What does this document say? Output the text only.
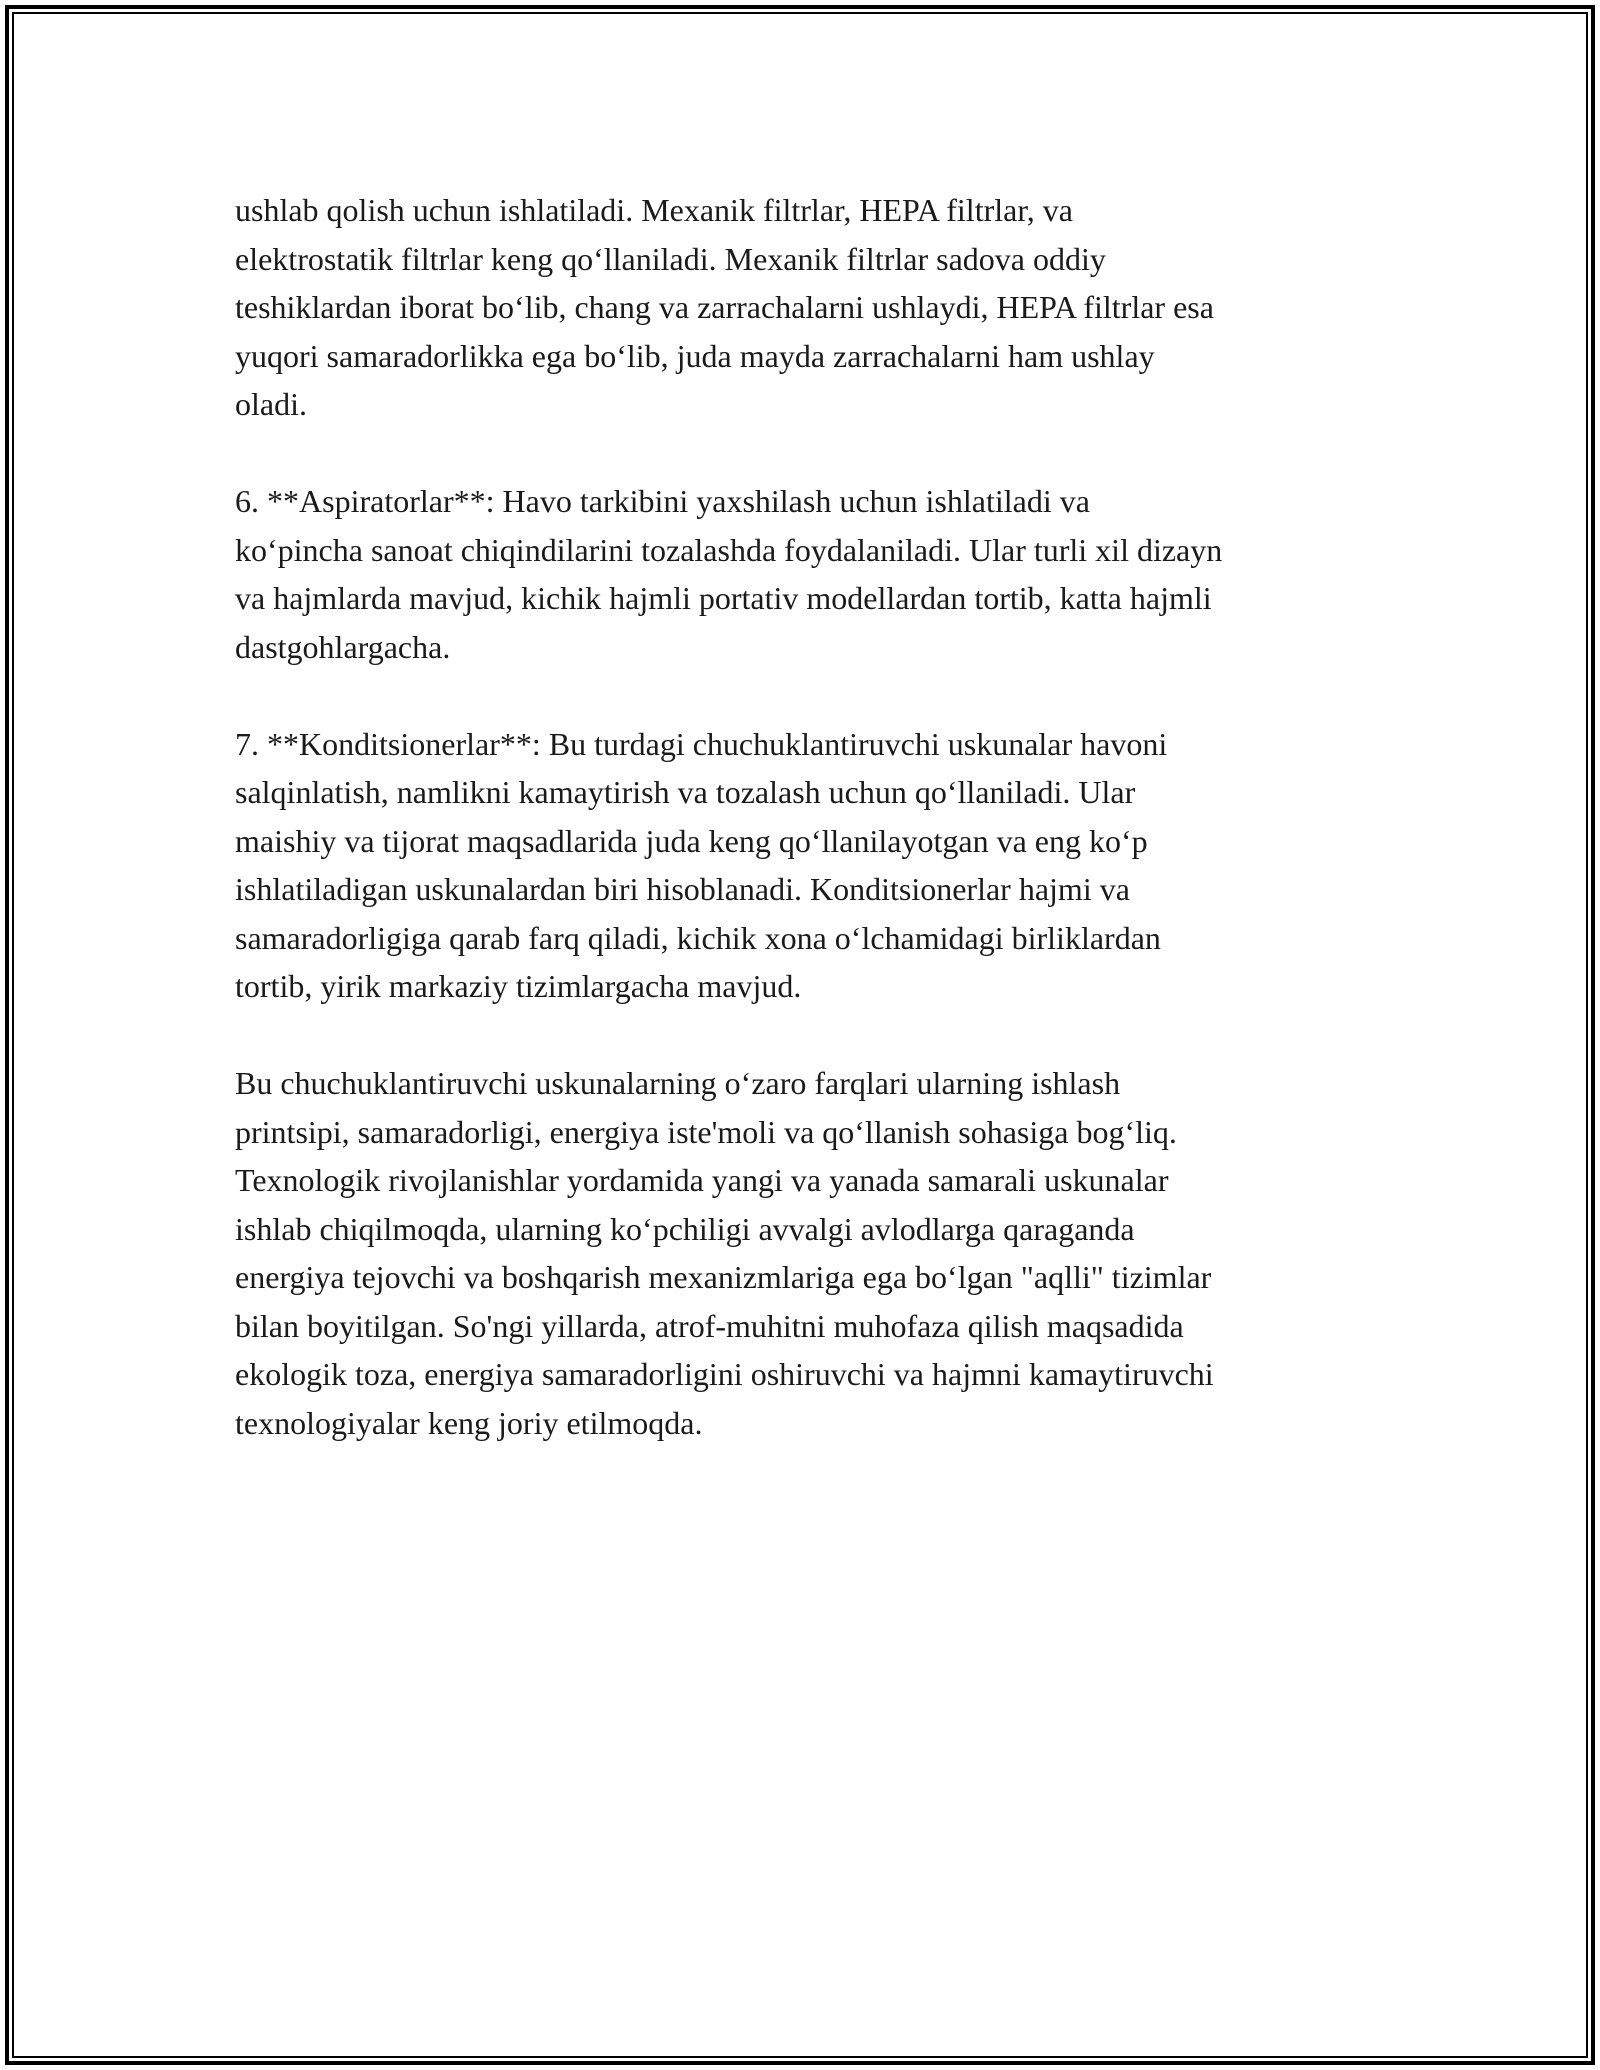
ushlab qolish uchun ishlatiladi. Mexanik filtrlar, HEPA filtrlar, va
elektrostatik filtrlar keng qo‘llaniladi. Mexanik filtrlar sadova oddiy
teshiklardan iborat bo‘lib, chang va zarrachalarni ushlaydi, HEPA filtrlar esa
yuqori samaradorlikka ega bo‘lib, juda mayda zarrachalarni ham ushlay
oladi.

6. **Aspiratorlar**: Havo tarkibini yaxshilash uchun ishlatiladi va
ko‘pincha sanoat chiqindilarini tozalashda foydalaniladi. Ular turli xil dizayn
va hajmlarda mavjud, kichik hajmli portativ modellardan tortib, katta hajmli
dastgohlargacha.

7. **Konditsionerlar**: Bu turdagi chuchuklantiruvchi uskunalar havoni
salqinlatish, namlikni kamaytirish va tozalash uchun qo‘llaniladi. Ular
maishiy va tijorat maqsadlarida juda keng qo‘llanilayotgan va eng ko‘p
ishlatiladigan uskunalardan biri hisoblanadi. Konditsionerlar hajmi va
samaradorligiga qarab farq qiladi, kichik xona o‘lchamidagi birliklardan
tortib, yirik markaziy tizimlargacha mavjud.

Bu chuchuklantiruvchi uskunalarning o‘zaro farqlari ularning ishlash
printsipi, samaradorligi, energiya iste'moli va qo‘llanish sohasiga bog‘liq.
Texnologik rivojlanishlar yordamida yangi va yanada samarali uskunalar
ishlab chiqilmoqda, ularning ko‘pchiligi avvalgi avlodlarga qaraganda
energiya tejovchi va boshqarish mexanizmlariga ega bo‘lgan "aqlli" tizimlar
bilan boyitilgan. So'ngi yillarda, atrof-muhitni muhofaza qilish maqsadida
ekologik toza, energiya samaradorligini oshiruvchi va hajmni kamaytiruvchi
texnologiyalar keng joriy etilmoqda.
